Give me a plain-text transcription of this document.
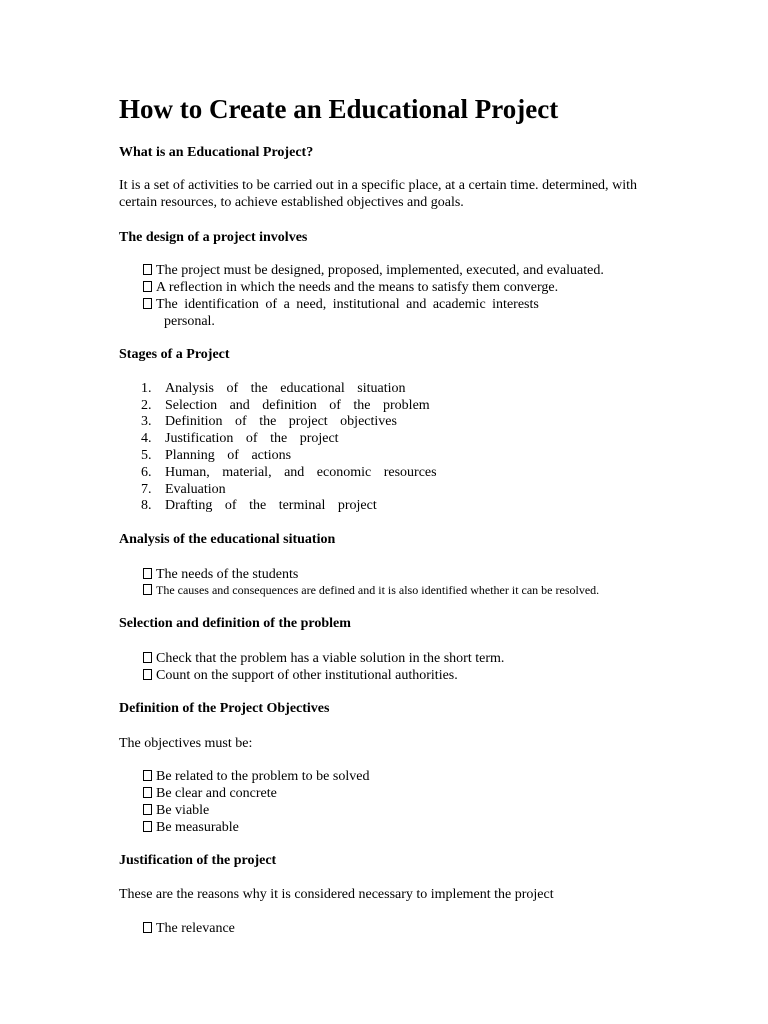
How to Create an Educational Project
What is an Educational Project?

It is a set of activities to be carried out in a specific place, at a certain time. determined, with certain resources, to achieve established objectives and goals.

The design of a project involves

The project must be designed, proposed, implemented, executed, and evaluated.

A reflection in which the needs and the means to satisfy them converge.

The identification of a need, institutional and academic interests

personal.

Stages of a Project

1. Analysis of the educational situation

2. Selection and definition of the problem

3. Definition of the project objectives

4. Justification of the project

5. Planning of actions

6. Human, material, and economic resources

7. Evaluation

8. Drafting of the terminal project

Analysis of the educational situation

The needs of the students

The causes and consequences are defined and it is also identified whether it can be resolved.

Selection and definition of the problem

Check that the problem has a viable solution in the short term.

Count on the support of other institutional authorities.

Definition of the Project Objectives

The objectives must be:

Be related to the problem to be solved

Be clear and concrete

Be viable

Be measurable

Justification of the project

These are the reasons why it is considered necessary to implement the project

The relevance
